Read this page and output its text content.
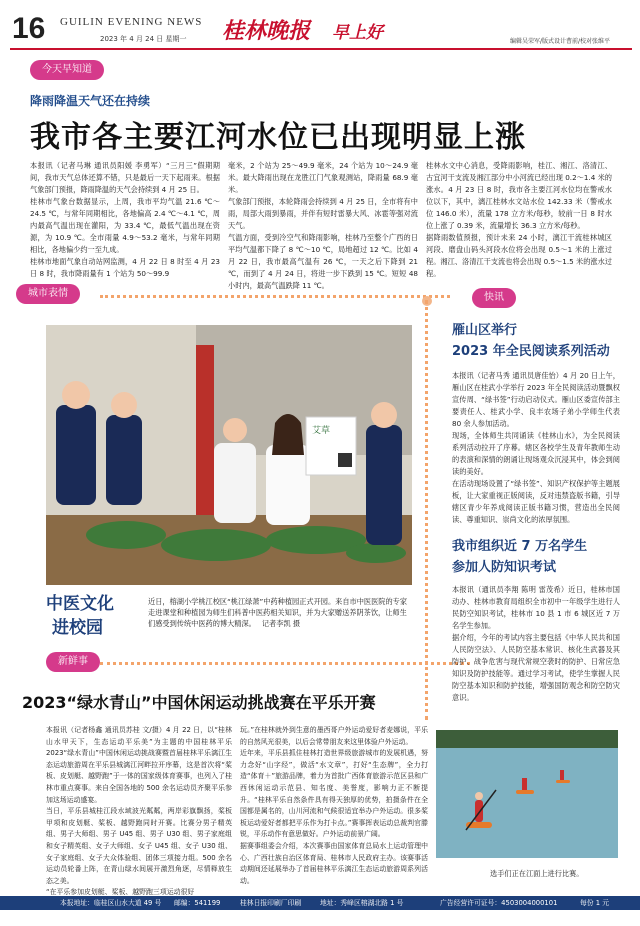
16 GUILIN EVENING NEWS
2023 年 4 月 24 日 星期一 桂林晚报 早上好	编辑吴荣军/版式设计曹前/校对张维平
今天早知道
降雨降温天气还在持续
我市各主要江河水位已出现明显上涨
本报讯（记者马琳 通讯员阳媛 李勇军）“三月三”假期期间，我市天气总体还算不错，只是最后一天下起雨来。根据气象部门预报，降雨降温的天气会持续到 4 月 25 日。
桂林市气象台数据显示，上周，我市平均气温 21.6 ℃～24.5 ℃，与常年同期相比，各地偏高 2.4 ℃～4.1 ℃，周内最高气温出现在灌阳，为 33.4 ℃，最低气温出现在资源，为 10.9 ℃。全市雨量 4.9～53.2 毫米，与常年同期相比，各地偏少约一至九成。
桂林市地面气象自动站网监测，4 月 22 日 8 时至 4 月 23 日 8 时，我市降雨量有 1 个站为 50～99.9
毫米，2 个站为 25～49.9 毫米，24 个站为 10～24.9 毫米。最大降雨出现在龙胜江门气象观测站，降雨量 68.9 毫米。
气象部门预报，本轮降雨会持续到 4 月 25 日，全市将有中雨，局部大雨到暴雨，并伴有短时雷暴大风、冰雹等强对流天气。
气温方面，受到冷空气和降雨影响，桂林乃至整个广西的日平均气温都下降了 8 ℃～10 ℃，局地超过 12 ℃。比如 4 月 22 日，我市最高气温有 26 ℃，一天之后下降到 21 ℃，而到了 4 月 24 日，将进一步下跌到 15 ℃。短短 48 小时内，最高气温跌降 11 ℃。
桂林水文中心消息，受降雨影响，桂江、湘江、洛清江、古宜河干支流及湘江部分中小河流已经出现 0.2～1.4 米的涨水。4 月 23 日 8 时，我市各主要江河水位均在警戒水位以下，其中，漓江桂林水文站水位 142.33 米（警戒水位 146.0 米），流量 178 立方米/每秒，较前一日 8 时水位上涨了 0.39 米，流量增长 36.3 立方米/每秒。
据降雨数值预报，预计未来 24 小时，漓江干流桂林城区河段、磨盘山码头河段水位将会出现 0.5～1 米的上涨过程。湘江、洛清江干支流也将会出现 0.5～1.5 米的涨水过程。
城市表情	快讯
新鲜事
艾草
中医文化
进校园
近日，榕湖小学桃江校区“桃江绿萧”中药种植园正式开园。来自市中医医院的专家走进课堂和种植园为师生们科普中医药相关知识，并为大家赠送养阴茶饮，让师生们感受到传统中医药的博大精深。 记者李凯 摄
雁山区举行
2023 年全民阅读系列活动
本报讯（记者马秀 通讯员唐佳怡）4 月 20 日上午，雁山区在桂武小学举行 2023 年全民阅读活动暨飘权宣传周、“绿书签”行动启动仪式。雁山区委宣传部主要责任人、桂武小学、良丰农场子弟小学师生代表 80 余人参加活动。
现场，全体师生共同诵读《桂林山水》，为全民阅读系列活动拉开了序幕。辖区各校学生及青年教师生动的表演和深情的朗诵让现场观众沉浸其中，体会到阅读的美好。
在活动现场设置了“绿书签”、知识产权保护等主题展板，让大家重视正版阅读，反对违禁盗版书籍，引导辖区青少年养成阅读正版书籍习惯，营造出全民阅读、尊重知识、崇尚文化的浓厚氛围。
我市组织近 7 万名学生
参加人防知识考试
本报讯（通讯员李翔 陈明 雷茂希）近日，桂林市国动办、桂林市教育局组织全市初中一年级学生进行人民防空知识考试，桂林市 10 县 1 市 6 城区近 7 万名学生参加。
据介绍，今年的考试内容主要包括《中华人民共和国人民防空法》、人民防空基本常识、核化生武器及其防护、战争危害与现代常规空袭时的防护、日常应急知识及防护技能等。通过学习考试，使学生掌握人民防空基本知识和防护技能，增强国防观念和防空防灾意识。
2023“绿水青山”中国休闲运动挑战赛在平乐开赛
本报讯（记者杨鑫 通讯员苏桂 文/摄）4 月 22 日，以“桂林山水甲天下，生态运动平乐美”为主题的中国桂林平乐 2023“绿水青山”中国休闲运动挑战赛暨首届桂林平乐漓江生态运动旅游周在平乐县城漓江河畔拉开序幕，这是首次将“桨板、皮划艇、越野跑”于一体的国家级体育赛事，也列入了桂林市重点赛事。来自全国各地的 500 余名运动员齐聚平乐参加这场运动盛宴。
当日，平乐县城桂江段水域波光粼粼，两岸彩旗飘扬，桨板甲项和皮划艇、桨板、越野跑同时开赛。比赛分男子精英组、男子大师组、男子 U45 组、男子 U30 组、男子家庭组和女子精英组、女子大师组、女子 U45 组、女子 U30 组、女子家庭组、女子大众体验组、团体三项接力组。500 余名运动员轮番上阵，在青山绿水间展开激烈角逐，尽情释放生态之美。
“在平乐参加皮划艇、桨板、越野跑三项运动很好
玩。”在桂林就外到生意的墨西哥户外运动爱好者麦娜说，平乐的自然风光很美，以后会常带朋友来这里体验户外运动。
近年来，平乐县抓住桂林打造世界级旅游城市的发展机遇，努力念好“山字经”，做活“水文章”，打好“生态牌”，全力打造“体育＋”旅游品牌，着力为首批广西体育旅游示范区县和广西休闲运动示范县、知名度、美誉度，影响力正不断提升。“桂林平乐自然条件具有得天独厚的优势，拍摄条件在全国都是属名的，山川河流和气候很适宜举办户外运动。很多桨板运动爱好者都把平乐作为打卡点。”赛事挥表运动总裁判官滕锐，平乐动作有意思做好。户外运动前景广阔。
据赛事组委会介绍，本次赛事由国家体育总局水上运动管理中心、广西壮族自治区体育局、桂林市人民政府主办。该赛事活动期间还延展举办了首届桂林平乐漓江生态运动旅游周系列活动。
选手们正在江面上进行比赛。
本报地址：临桂区山水大道 49 号 邮编：541199	桂林日报印刷厂印刷	地址：秀峰区榕湖北路 1 号	广告经营许可证号：4503004000101	每份 1 元
